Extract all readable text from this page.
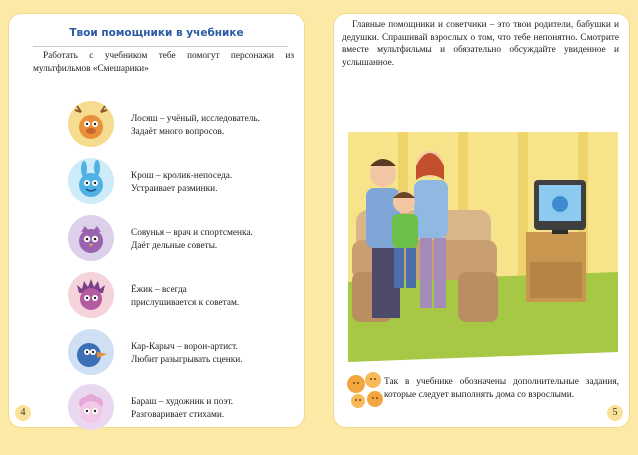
Твои помощники в учебнике
Работать с учебником тебе помогут персонажи из мультфильмов «Смешарики»
Лосяш – учёный, исследователь.
Задаёт много вопросов.
Крош – кролик-непоседа.
Устраивает разминки.
Совунья – врач и спортсменка.
Даёт дельные советы.
Ёжик – всегда
прислушивается к советам.
Кар-Карыч – ворон-артист.
Любит разыгрывать сценки.
Бараш – художник и поэт.
Разговаривает стихами.
4
Главные помощники и советчики – это твои родители, бабушки и дедушки. Спрашивай взрослых о том, что тебе непонятно. Смотрите вместе мультфильмы и обязательно обсуждайте увиденное и услышанное.
Так в учебнике обозначены дополнительные задания, которые следует выполнять дома со взрослыми.
5
